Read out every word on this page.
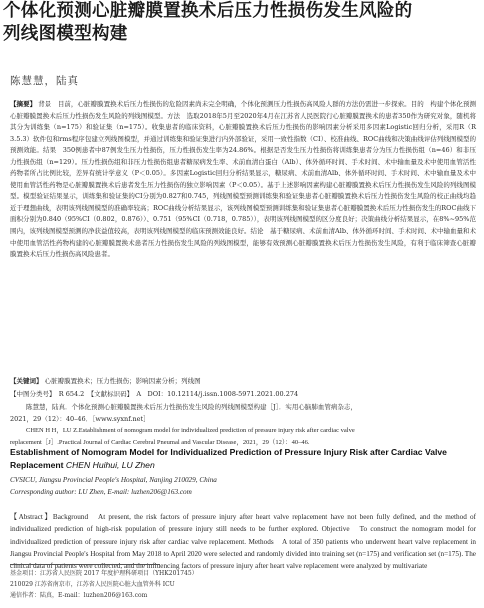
个体化预测心脏瓣膜置换术后压力性损伤发生风险的
列线图模型构建
陈慧慧，陆真
【摘要】 背景　目前，心脏瓣膜置换术后压力性损伤的危险因素尚未完全明确，个体化预测压力性损伤高风险人群的方法仍需进一步探索。目的　构建个体化预测心脏瓣膜置换术后压力性损伤发生风险的列线图模型。方法　选取2018年5月至2020年4月在江苏省人民医院行心脏瓣膜置换术的患者350作为研究对象，随机将其分为训练集（n=175）和验证集（n=175）。收集患者的临床资料，心脏瓣膜置换术后压力性损伤的影响因素分析采用多因素Logistic回归分析，采用R（R 3.5.3）软件包和rms程序包建立列线图模型，并通过训练集和验证集进行内外部验证，采用一致性指数（CI）、校准曲线、ROC曲线和决策曲线评估列线图模型的预测效能。结果　350例患者中87例发生压力性损伤，压力性损伤发生率为24.86%。根据是否发生压力性损伤将训练集患者分为压力性损伤组（n=46）和非压力性损伤组（n=129）。压力性损伤组和非压力性损伤组患者糖尿病发生率、术前血清白蛋白（Alb）、体外循环时间、手术时间、术中输血量及术中使用血管活性药物者所占比例比较，差异有统计学意义（P＜0.05）。多因素Logistic回归分析结果显示，糖尿病、术前血清Alb、体外循环时间、手术时间、术中输血量及术中使用血管活性药物是心脏瓣膜置换术后患者发生压力性损伤的独立影响因素（P＜0.05）。基于上述影响因素构建心脏瓣膜置换术后压力性损伤发生风险的列线图模型。模型验证结果显示，训练集和验证集的CI分别为0.827和0.745，列线图模型预测训练集和验证集患者心脏瓣膜置换术后压力性损伤发生风险的校正曲线均趋近于理想曲线，表明该列线图模型的准确率较高；ROC曲线分析结果显示，该列线图模型预测训练集和验证集患者心脏瓣膜置换术后压力性损伤发生的ROC曲线下面积分别为0.840（95%CI（0.802，0.876））、0.751（95%CI（0.718，0.785）），表明该列线图模型的区分度良好；决策曲线分析结果显示，在8%~95%范围内，该列线图模型预测的净获益值较高，表明该列线图模型的临床预测效能良好。结论　基于糖尿病、术前血清Alb、体外循环时间、手术时间、术中输血量和术中使用血管活性药物构建的心脏瓣膜置换术患者压力性损伤发生风险的列线图模型，能够有效预测心脏瓣膜置换术后压力性损伤发生风险，有利于临床筛查心脏瓣膜置换术后压力性损伤高风险患者。
【关键词】 心脏瓣膜置换术；压力性损伤；影响因素分析；列线图
【中图分类号】　R 654.2　【文献标识码】　A　DOI：10.12114/j.issn.1008-5971.2021.00.274
陈慧慧，陆真．个体化预测心脏瓣膜置换术后压力性损伤发生风险的列线图模型构建［J］．实用心脑肺血管病杂志，
2021，29（12）：40–46．［www.syxnf.net］
CHEN H H，LU Z.Establishment of nomogram model for individualized prediction of pressure injury risk after cardiac valve
replacement［J］.Practical Journal of Cardiac Cerebral Pneumal and Vascular Disease，2021，29（12）：40–46.
Establishment of Nomogram Model for Individualized Prediction of Pressure Injury Risk after Cardiac Valve Replacement CHEN Huihui, LU Zhen
CVSICU, Jiangsu Provincial People's Hospital, Nanjing 210029, China
Corresponding author: LU Zhen, E-mail: luzhen206@163.com
【Abstract】Background　At present, the risk factors of pressure injury after heart valve replacement have not been fully defined, and the method of individualized prediction of high-risk population of pressure injury still needs to be further explored. Objective　To construct the nomogram model for individualized prediction of pressure injury risk after cardiac valve replacement. Methods　A total of 350 patients who underwent heart valve replacement in Jiangsu Provincial People's Hospital from May 2018 to April 2020 were selected and randomly divided into training set (n=175) and verification set (n=175). The clinical data of patients were collected, and the influencing factors of pressure injury after heart valve replacement were analyzed by multivariate
基金项目：江苏省人民医院 2017 年度护理科研项目（YHK201745）
210029 江苏省南京市，江苏省人民医院心脏大血管外科 ICU
通信作者：陆真，E-mail：luzhen206@163.com
